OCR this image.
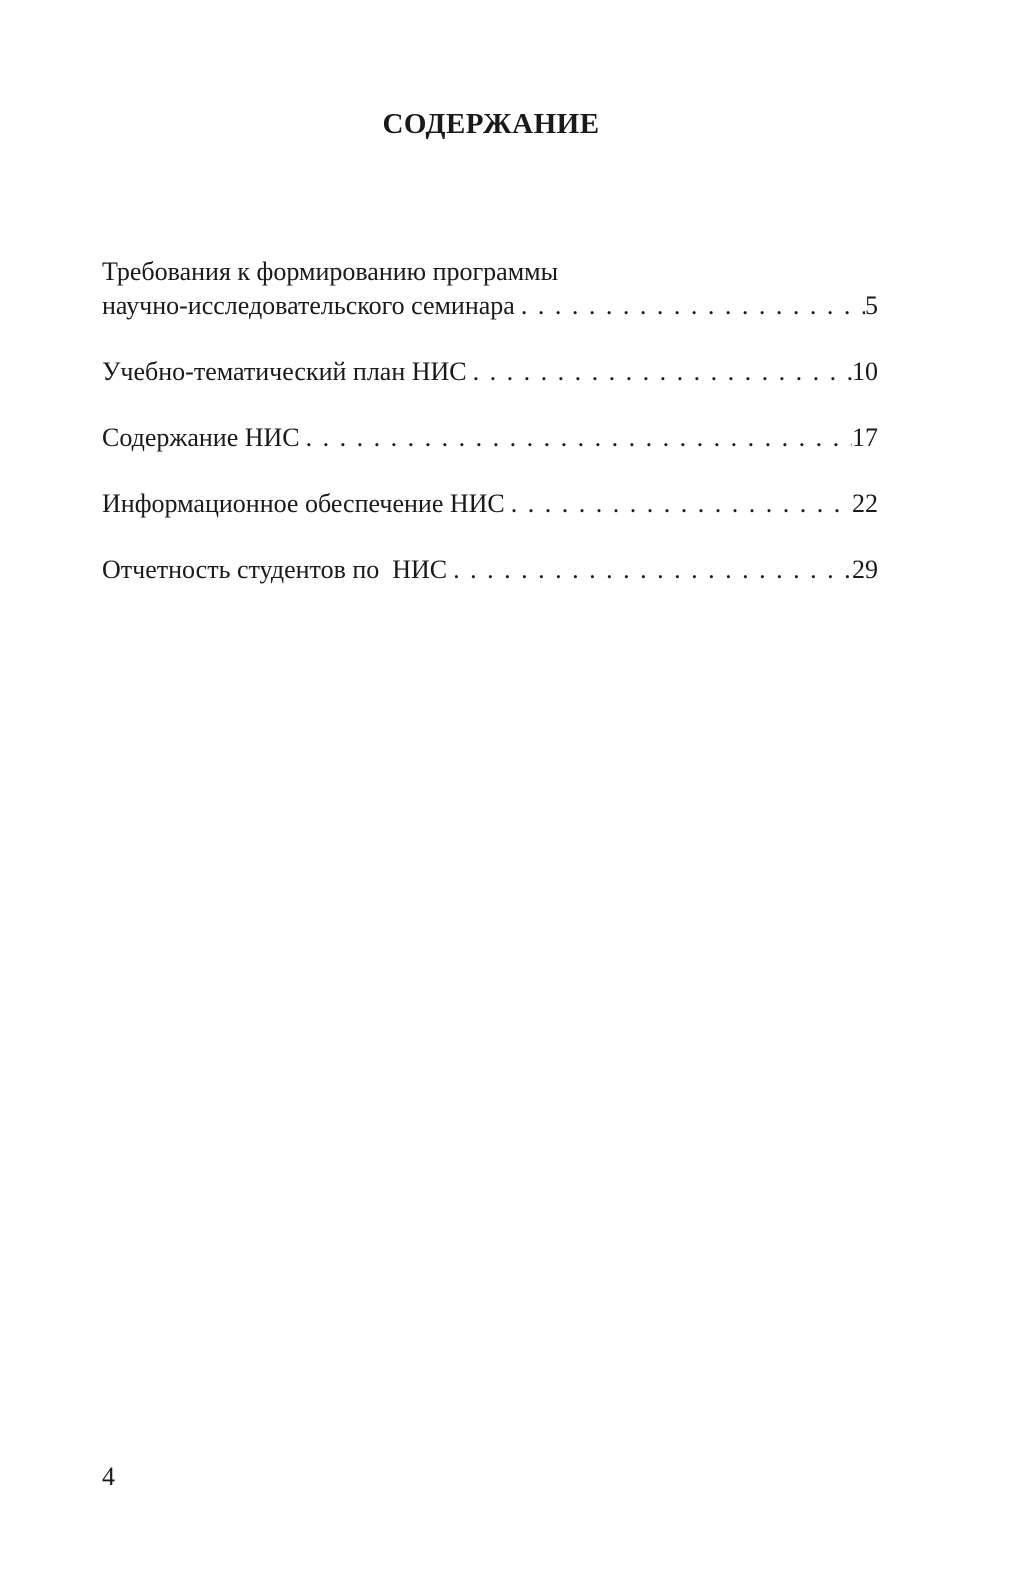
СОДЕРЖАНИЕ
Требования к формированию программы
научно-исследовательского семинара . . .	5
Учебно-тематический план НИС . . .	10
Содержание НИС . . .	17
Информационное обеспечение НИС . . .	22
Отчетность студентов по  НИС . . .	29
4
